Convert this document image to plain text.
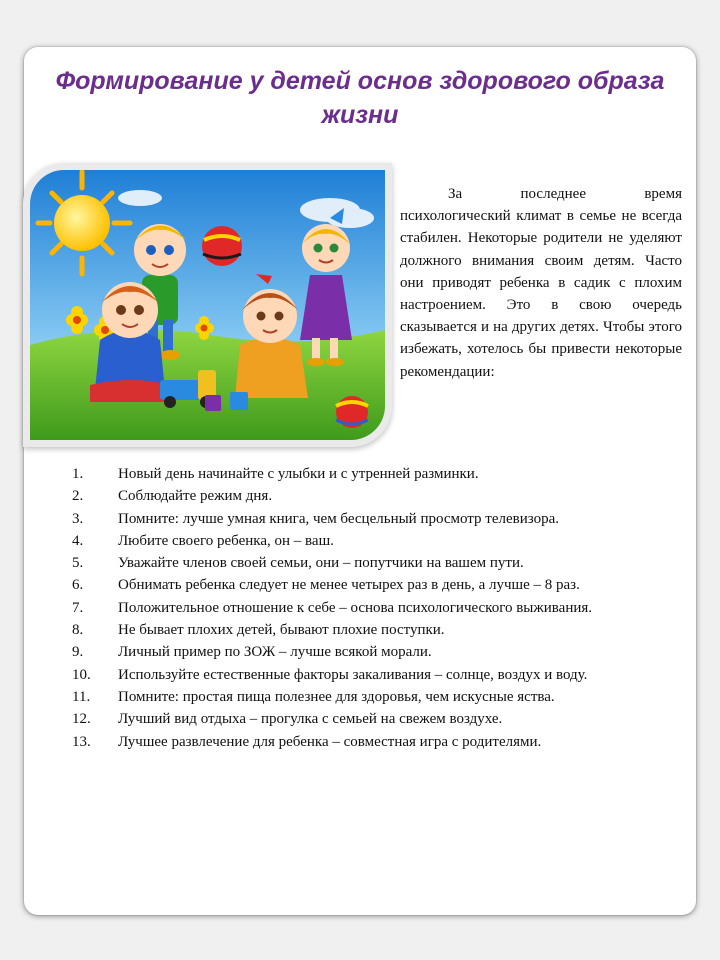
Формирование у детей основ здорового образа жизни

За последнее время психологический климат в семье не всегда стабилен. Некоторые родители не уделяют должного внимания своим детям. Часто они приводят ребенка в садик с плохим настроением. Это в свою очередь сказывается и на других детях. Чтобы этого избежать, хотелось бы привести некоторые рекомендации:

1.	Новый день начинайте с улыбки и с утренней разминки.
2.	Соблюдайте режим дня.
3.	Помните: лучше умная книга, чем бесцельный просмотр телевизора.
4.	Любите своего ребенка, он – ваш.
5.	Уважайте членов своей семьи, они – попутчики на вашем пути.
6.	Обнимать ребенка следует не менее четырех раз в день, а лучше – 8 раз.
7.	Положительное отношение к себе – основа психологического выживания.
8.	Не бывает плохих детей, бывают плохие поступки.
9.	Личный пример по ЗОЖ – лучше всякой морали.
10.	Используйте естественные факторы закаливания – солнце, воздух и воду.
11.	Помните: простая пища полезнее для здоровья, чем искусные яства.
12.	Лучший вид отдыха – прогулка с семьей на свежем воздухе.
13.	Лучшее развлечение для ребенка – совместная игра с родителями.
